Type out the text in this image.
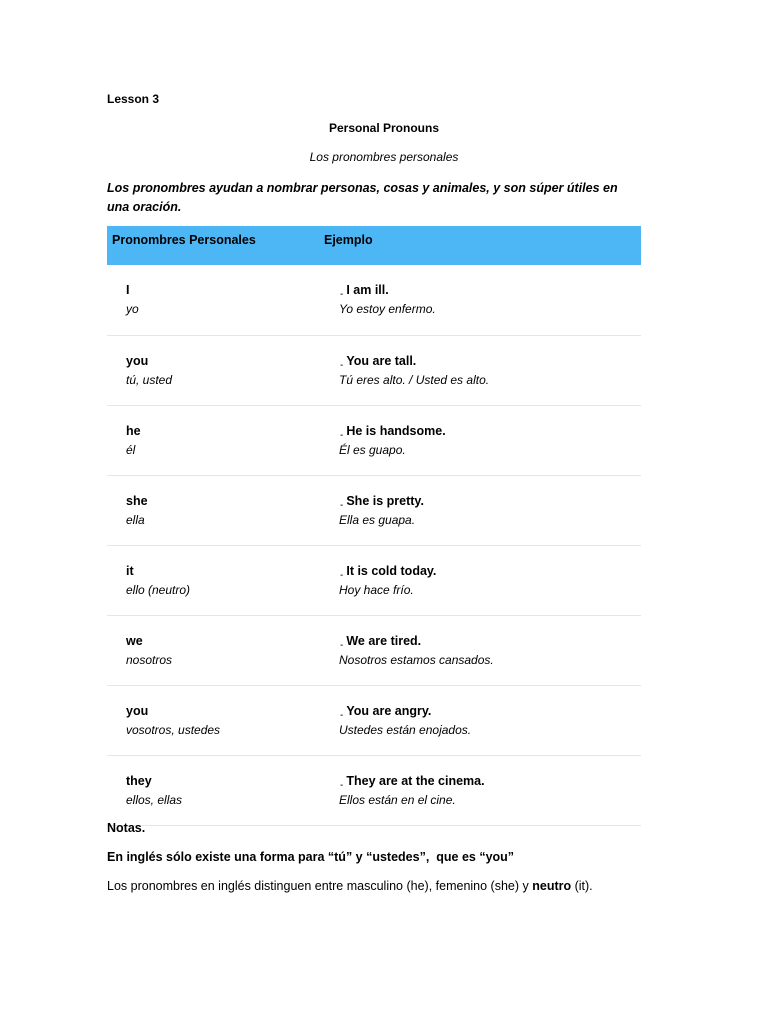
Lesson 3
Personal Pronouns
Los pronombres personales
Los pronombres ayudan a nombrar personas, cosas y animales, y son súper útiles en una oración.
Pronombres Personales	Ejemplo
I
yo
$_-$ I am ill.
Yo estoy enfermo.
you
tú, usted
$_-$ You are tall.
Tú eres alto. / Usted es alto.
he
él
$_-$ He is handsome.
Él es guapo.
she
ella
$_-$ She is pretty.
Ella es guapa.
it
ello (neutro)
$_-$ It is cold today.
Hoy hace frío.
we
nosotros
$_-$ We are tired.
Nosotros estamos cansados.
you
vosotros, ustedes
$_-$ You are angry.
Ustedes están enojados.
they
ellos, ellas
$_-$ They are at the cinema.
Ellos están en el cine.
Notas.
En inglés sólo existe una forma para “tú” y “ustedes”,  que es “you”
Los pronombres en inglés distinguen entre masculino (he), femenino (she) y neutro (it).
